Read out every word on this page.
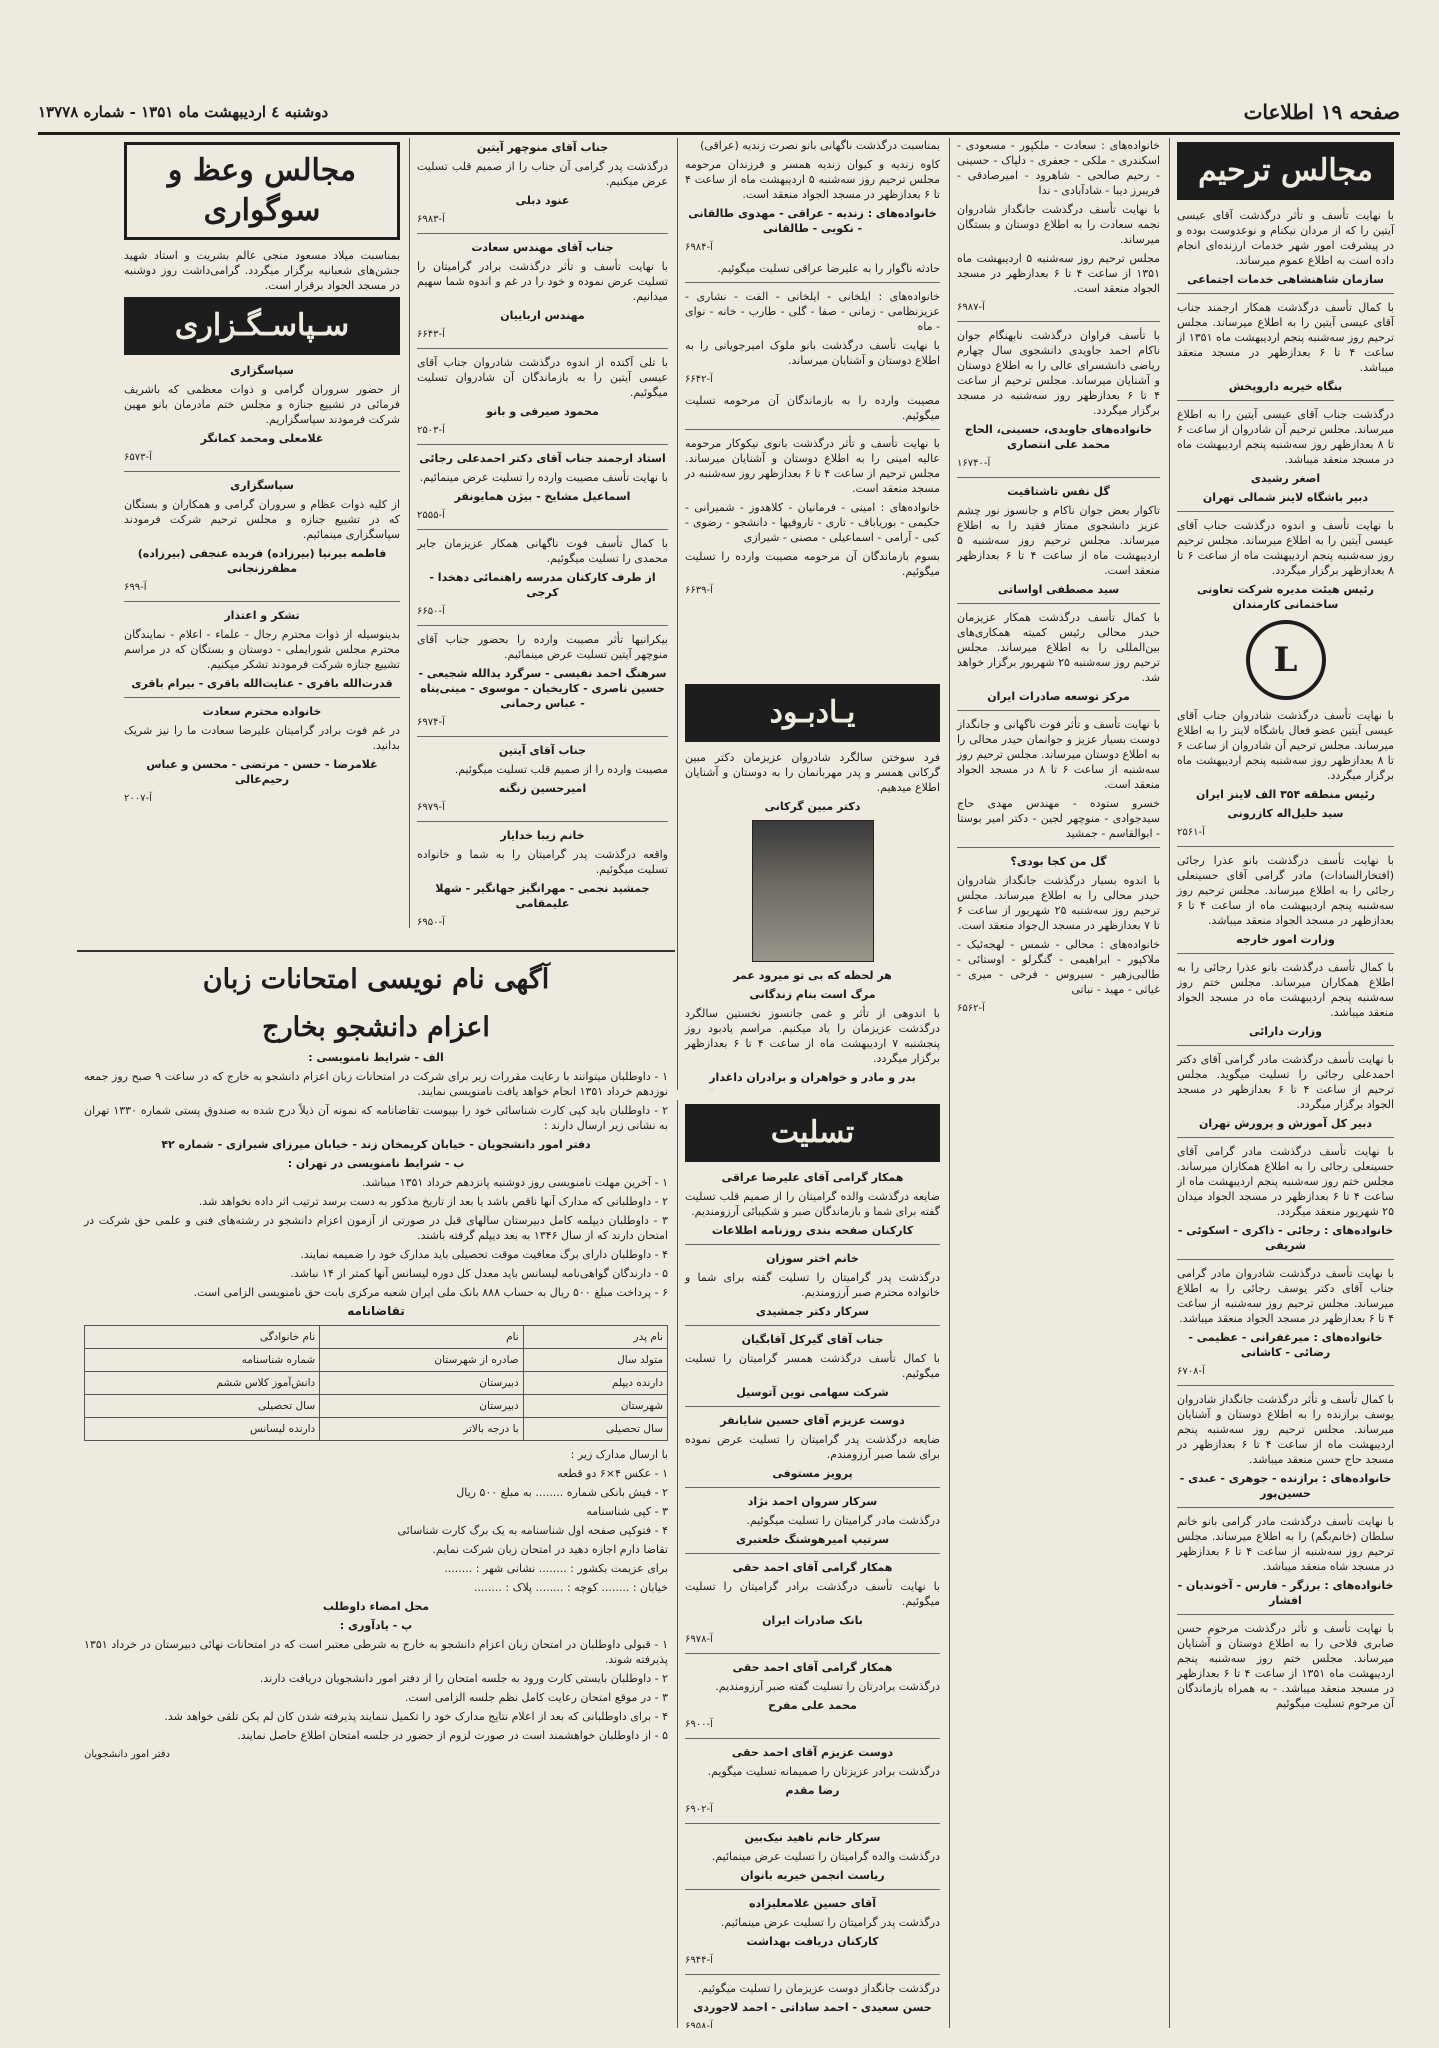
صفحه ۱۹ اطلاعات
دوشنبه ٤ اردیبهشت ماه ۱۳۵۱ - شماره ۱۳۷۷۸
مجالس ترحیم

با نهایت تأسف و تأثر درگذشت آقای عیسی آیتین را که از مردان نیکنام و نوعدوست بوده و در پیشرفت امور شهر خدمات ارزنده‌ای انجام داده است به اطلاع عموم میرساند.

سازمان شاهنشاهی خدمات اجتماعی

با کمال تأسف درگذشت همکار ارجمند جناب آقای عیسی آیتین را به اطلاع میرساند. مجلس ترحیم روز سه‌شنبه پنجم اردیبهشت ماه ۱۳۵۱ از ساعت ۴ تا ۶ بعدازظهر در مسجد منعقد میباشد.

بنگاه خیریه داروپخش

درگذشت جناب آقای عیسی آیتین را به اطلاع میرساند. مجلس ترحیم آن شادروان از ساعت ۶ تا ۸ بعدازظهر روز سه‌شنبه پنجم اردیبهشت ماه در مسجد منعقد میباشد.

اصغر رشیدی

دبیر باشگاه لاینز شمالی تهران

با نهایت تأسف و اندوه درگذشت جناب آقای عیسی آیتین را به اطلاع میرساند. مجلس ترحیم روز سه‌شنبه پنجم اردیبهشت ماه از ساعت ۶ تا ۸ بعدازظهر برگزار میگردد.

رئیس هیئت مدیره شرکت تعاونی ساختمانی کارمندان

L

با نهایت تأسف درگذشت شادروان جناب آقای عیسی آیتین عضو فعال باشگاه لاینز را به اطلاع میرساند. مجلس ترحیم آن شادروان از ساعت ۶ تا ۸ بعدازظهر روز سه‌شنبه پنجم اردیبهشت ماه برگزار میگردد.

رئیس منطقه ۳۵۴ الف لاینز ایران

سید خلیل‌اله کازرونی

آ-۲۵۶۱

با نهایت تأسف درگذشت بانو عذرا رجائی (افتخارالسادات) مادر گرامی آقای حسینعلی رجائی را به اطلاع میرساند. مجلس ترحیم روز سه‌شنبه پنجم اردیبهشت ماه از ساعت ۴ تا ۶ بعدازظهر در مسجد الجواد منعقد میباشد.

وزارت امور خارجه

با کمال تأسف درگذشت بانو عذرا رجائی را به اطلاع همکاران میرساند. مجلس ختم روز سه‌شنبه پنجم اردیبهشت ماه در مسجد الجواد منعقد میباشد.

وزارت دارائی

با نهایت تأسف درگذشت مادر گرامی آقای دکتر احمدعلی رجائی را تسلیت میگوید. مجلس ترحیم از ساعت ۴ تا ۶ بعدازظهر در مسجد الجواد برگزار میگردد.

دبیر کل آموزش و پرورش تهران

با نهایت تأسف درگذشت مادر گرامی آقای حسینعلی رجائی را به اطلاع همکاران میرساند. مجلس ختم روز سه‌شنبه پنجم اردیبهشت ماه از ساعت ۴ تا ۶ بعدازظهر در مسجد الجواد میدان ۲۵ شهریور منعقد میگردد.

خانواده‌های : رجائی - ذاکری - اسکوئی - شریفی

با نهایت تأسف درگذشت شادروان مادر گرامی جناب آقای دکتر یوسف رجائی را به اطلاع میرساند. مجلس ترحیم روز سه‌شنبه از ساعت ۴ تا ۶ بعدازظهر در مسجد الجواد منعقد میباشد.

خانواده‌های : میرغفرانی - عظیمی - رضائی - کاشانی

آ-۶۷۰۸

با کمال تأسف و تأثر درگذشت جانگداز شادروان یوسف برازنده را به اطلاع دوستان و آشنایان میرساند. مجلس ترحیم روز سه‌شنبه پنجم اردیبهشت ماه از ساعت ۴ تا ۶ بعدازظهر در مسجد حاج حسن منعقد میباشد.

خانواده‌های : برازنده - جوهری - عبدی - حسین‌پور

با نهایت تأسف درگذشت مادر گرامی بانو خانم سلطان (خانم‌بگم) را به اطلاع میرساند. مجلس ترحیم روز سه‌شنبه از ساعت ۴ تا ۶ بعدازظهر در مسجد شاه منعقد میباشد.

خانواده‌های : برزگر - فارس - آخوندیان - افشار

با نهایت تأسف و تأثر درگذشت مرحوم حسن صابری فلاحی را به اطلاع دوستان و آشنایان میرساند. مجلس ختم روز سه‌شنبه پنجم اردیبهشت ماه ۱۳۵۱ از ساعت ۴ تا ۶ بعدازظهر در مسجد منعقد میباشد. - به همراه بازماندگان آن مرحوم تسلیت میگوئیم

خانواده‌های : سعادت - ملکپور - مسعودی - اسکندری - ملکی - جعفری - دلپاک - حسینی - رحیم صالحی - شاهرود - امیرصادقی - فریبرز دیبا - شادآبادی - ندا

با نهایت تأسف درگذشت جانگداز شادروان نجمه سعادت را به اطلاع دوستان و بستگان میرساند.

مجلس ترحیم روز سه‌شنبه ۵ اردیبهشت ماه ۱۳۵۱ از ساعت ۴ تا ۶ بعدازظهر در مسجد الجواد منعقد است.

آ-۶۹۸۷

با تأسف فراوان درگذشت نابهنگام جوان ناکام احمد جاویدی دانشجوی سال چهارم ریاضی دانشسرای عالی را به اطلاع دوستان و آشنایان میرساند. مجلس ترحیم از ساعت ۴ تا ۶ بعدازظهر روز سه‌شنبه در مسجد برگزار میگردد.

خانواده‌های جاویدی، حسینی، الحاج محمد علی انتصاری

آ-۱۶۷۴۰

گل نفس تاشتاقیت

تاکوار بعض جوان ناکام و جانسوز نور چشم عزیز دانشجوی ممتاز فقید را به اطلاع میرساند. مجلس ترحیم روز سه‌شنبه ۵ اردیبهشت ماه از ساعت ۴ تا ۶ بعدازظهر منعقد است.

سید مصطفی اواساتی

با کمال تأسف درگذشت همکار عزیزمان حیدر محالی رئیس کمیته همکاری‌های بین‌المللی را به اطلاع میرساند. مجلس ترحیم روز سه‌شنبه ۲۵ شهریور برگزار خواهد شد.

مرکز توسعه صادرات ایران

با نهایت تأسف و تأثر فوت ناگهانی و جانگداز دوست بسیار عزیز و جوانمان حیدر محالی را به اطلاع دوستان میرساند. مجلس ترحیم روز سه‌شنبه از ساعت ۶ تا ۸ در مسجد الجواد منعقد است.

خسرو ستوده - مهندس مهدی حاج سیدجوادی - منوچهر لجین - دکتر امیر بوستا - ابوالقاسم - جمشید

گل من کجا بودی؟

با اندوه بسیار درگذشت جانگداز شادروان حیدر محالی را به اطلاع میرساند. مجلس ترحیم روز سه‌شنبه ۲۵ شهریور از ساعت ۶ تا ۷ بعدازظهر در مسجد ال‌جواد منعقد است.

خانواده‌های : محالی - شمس - لهجه‌ئیک - ملاکپور - ابراهیمی - گنگرلو - اوستائی - طالبی‌زهیر - سیروس - فرخی - میری - غیاثی - مهید - نباتی

آ-۶۵۶۲

بمناسبت درگذشت ناگهانی بانو نصرت زندیه (عراقی)

کاوه زندیه و کیوان زندیه همسر و فرزندان مرحومه مجلس ترحیم روز سه‌شنبه ۵ اردیبهشت ماه از ساعت ۴ تا ۶ بعدازظهر در مسجد الجواد منعقد است.

خانواده‌های : زندیه - عراقی - مهدوی طالقانی - نکویی - طالقانی

آ-۶۹۸۴

حادثه ناگوار را به علیرضا عراقی تسلیت میگوئیم.

خانواده‌های : ایلخانی - ایلخانی - الفت - نشاری - عزیزنظامی - زمانی - صفا - گلی - طارب - خانه - نوای - ماه

با نهایت تأسف درگذشت بانو ملوک امیرجویانی را به اطلاع دوستان و آشنایان میرساند.

آ-۶۶۴۲

مصیبت وارده را به بازماندگان آن مرحومه تسلیت میگوئیم.

با نهایت تأسف و تأثر درگذشت بانوی نیکوکار مرحومه عالیه امینی را به اطلاع دوستان و آشنایان میرساند. مجلس ترحیم از ساعت ۴ تا ۶ بعدازظهر روز سه‌شنبه در مسجد منعقد است.

خانواده‌های : امینی - فرمانیان - کلاهدوز - شمیرانی - حکیمی - بوریاباف - تاری - تاروفیها - دانشجو - رضوی - کبی - آرامی - اسماعیلی - مصنی - شیرازی

بسوم بازماندگان آن مرحومه مصیبت وارده را تسلیت میگوئیم.

آ-۶۶۳۹

یـادبـود

فرد سوختن سالگرد شادروان عزیزمان دکتر مبین گرکانی همسر و پدر مهربانمان را به دوستان و آشنایان اطلاع میدهیم.

دکتر مبین گرکانی

هر لحظه که بی تو میرود عمر

مرگ است بنام زندگانی

با اندوهی از تأثر و غمی جانسوز نخستین سالگرد درگذشت عزیزمان را یاد میکنیم. مراسم یادبود روز پنجشنبه ۷ اردیبهشت ماه از ساعت ۴ تا ۶ بعدازظهر برگزار میگردد.

بدر و مادر و خواهران و برادران داغدار

تسلیت

همکار گرامی آقای علیرضا عراقی

ضایعه درگذشت والده گرامیتان را از صمیم قلب تسلیت گفته برای شما و بازماندگان صبر و شکیبائی آرزومندیم.

کارکنان صفحه بندی روزنامه اطلاعات

خانم اختر سوزان

درگذشت پدر گرامیتان را تسلیت گفته برای شما و خانواده محترم صبر آرزومندیم.

سرکار دکتر جمشیدی

جناب آقای گیرکل آقابگیان

با کمال تأسف درگذشت همسر گرامیتان را تسلیت میگوئیم.

شرکت سهامی نوین آتوسیل

دوست عزیزم آقای حسین شایانفر

ضایعه درگذشت پدر گرامیتان را تسلیت عرض نموده برای شما صبر آرزومندم.

پرویز مستوفی

سرکار سروان احمد نژاد

درگذشت مادر گرامیتان را تسلیت میگوئیم.

سرتیپ امیرهوشنگ خلعتبری

همکار گرامی آقای احمد حقی

با نهایت تأسف درگذشت برادر گرامیتان را تسلیت میگوئیم.

بانک صادرات ایران

آ-۶۹۷۸

همکار گرامی آقای احمد حقی

درگذشت برادرتان را تسلیت گفته صبر آرزومندیم.

محمد علی مفرح

آ-۶۹۰۰

دوست عزیزم آقای احمد حقی

درگذشت برادر عزیزتان را صمیمانه تسلیت میگویم.

رضا مقدم

آ-۶۹۰۲

سرکار خانم ناهید نیک‌بین

درگذشت والده گرامیتان را تسلیت عرض مینمائیم.

ریاست انجمن خیریه بانوان

آقای حسین غلامعلیزاده

درگذشت پدر گرامیتان را تسلیت عرض مینمائیم.

کارکنان دریافت بهداشت

آ-۶۹۴۴

درگذشت جانگداز دوست عزیزمان را تسلیت میگوئیم.

حسن سعیدی - احمد ساداتی - احمد لاجوردی

آ-۶۹۵۸

جناب آقای منوچهر آیتین

درگذشت پدر گرامی آن جناب را از صمیم قلب تسلیت عرض میکنیم.

عنود دبلی

آ-۶۹۸۳

جناب آقای مهندس سعادت

با نهایت تأسف و تأثر درگذشت برادر گرامیتان را تسلیت عرض نموده و خود را در غم و اندوه شما سهیم میدانیم.

مهندس ارباییان

آ-۶۶۴۳

با تلی آکنده از اندوه درگذشت شادروان جناب آقای عیسی آیتین را به بازماندگان آن شادروان تسلیت میگوئیم.

محمود صیرفی و بانو

آ-۲۵۰۳

استاد ارجمند جناب آقای دکتر احمدعلی رجائی

با نهایت تأسف مصیبت وارده را تسلیت عرض مینمائیم.

اسماعیل مشایخ - بیژن همایونفر

آ-۲۵۵۵

با کمال تأسف فوت ناگهانی همکار عزیزمان جابر محمدی را تسلیت میگوئیم.

از طرف کارکنان مدرسه راهنمائی دهخدا - کرجی

آ-۶۶۵۰

بیکرانیها تأثر مصیبت وارده را بحضور جناب آقای منوچهر آیتین تسلیت عرض مینمائیم.

سرهنگ احمد نفیسی - سرگرد یدالله شجیعی - حسین ناصری - کاریخیان - موسوی - مینی‌پناه - عباس رحمانی

آ-۶۹۷۴

جناب آقای آیتین

مصیبت وارده را از صمیم قلب تسلیت میگوئیم.

امیرحسین زنگنه

آ-۶۹۷۹

خانم زیبا خدایار

واقعه درگذشت پدر گرامیتان را به شما و خانواده تسلیت میگوئیم.

جمشید نجمی - مهرانگیز جهانگیر - شهلا علیمقامی

آ-۶۹۵۰

مجالس وعظ و سوگواری

بمناسبت میلاد مسعود منجی عالم بشریت و استاد شهید جشن‌های شعبانیه برگزار میگردد. گرامی‌داشت روز دوشنبه در مسجد الجواد برقرار است.

سـپاسـگـزاری

سپاسگزاری

از حضور سروران گرامی و ذوات معظمی که باشریف فرمائی در تشییع جنازه و مجلس ختم مادرمان بانو مهین شرکت فرمودند سپاسگزاریم.

غلامعلی ومحمد کمانگر

آ-۶۵۷۳

سپاسگزاری

از کلیه ذوات عظام و سروران گرامی و همکاران و بستگان که در تشییع جنازه و مجلس ترحیم شرکت فرمودند سپاسگزاری مینمائیم.

فاطمه بیرنیا (بیرزاده) فریده عنجفی (بیرزاده) مظفرزنجانی

آ-۶۹۹

تشکر و اعتذار

بدینوسیله از ذوات محترم رجال - علماء - اعلام - نمایندگان محترم مجلس شورایملی - دوستان و بستگان که در مراسم تشییع جنازه شرکت فرمودند تشکر میکنیم.

قدرت‌الله باقری - عنایت‌الله باقری - بیرام باقری

خانواده محترم سعادت

در غم فوت برادر گرامیتان علیرضا سعادت ما را نیز شریک بدانید.

غلامرضا - حسن - مرتضی - محسن و عباس رحیم‌عالی

آ-۲۰۰۷

آگهی نام نویسی امتحانات زبان
اعزام دانشجو بخارج

الف - شرایط نامنویسی :

۱ - داوطلبان میتوانند با رعایت مقررات زیر برای شرکت در امتحانات زبان اعزام دانشجو به خارج که در ساعت ۹ صبح روز جمعه نوزدهم خرداد ۱۳۵۱ انجام خواهد یافت نامنویسی نمایند.

۲ - داوطلبان باید کپی کارت شناسائی خود را بپیوست تقاضانامه که نمونه آن ذیلاً درج شده به صندوق پستی شماره ۱۳۳۰ تهران به نشانی زیر ارسال دارند :

دفتر امور دانشجویان - خیابان کریمخان زند - خیابان میرزای شیرازی - شماره ۴۲

ب - شرایط نامنویسی در تهران :

۱ - آخرین مهلت نامنویسی روز دوشنبه پانزدهم خرداد ۱۳۵۱ میباشد.

۲ - داوطلبانی که مدارک آنها ناقص باشد یا بعد از تاریخ مذکور به دست برسد ترتیب اثر داده نخواهد شد.

۳ - داوطلبان دیپلمه کامل دبیرستان سالهای قبل در صورتی از آزمون اعزام دانشجو در رشته‌های فنی و علمی حق شرکت در امتحان دارند که از سال ۱۳۴۶ به بعد دیپلم گرفته باشند.

۴ - داوطلبان دارای برگ معافیت موقت تحصیلی باید مدارک خود را ضمیمه نمایند.

۵ - دارندگان گواهی‌نامه لیسانس باید معدل کل دوره لیسانس آنها کمتر از ۱۴ نباشد.

۶ - پرداخت مبلغ ۵۰۰ ریال به حساب ۸۸۸ بانک ملی ایران شعبه مرکزی بابت حق نامنویسی الزامی است.

تقاضانامه

نام پدر	نام	نام خانوادگی
متولد سال	صادره از شهرستان	شماره شناسنامه
دارنده دیپلم	دبیرستان	دانش‌آموز کلاس ششم
شهرستان	دبیرستان	سال تحصیلی
سال تحصیلی	با درجه بالاتر	دارنده لیسانس

با ارسال مدارک زیر :

۱ - عکس ۴×۶ دو قطعه

۲ - فیش بانکی شماره ........ به مبلغ ۵۰۰ ریال

۳ - کپی شناسنامه

۴ - فتوکپی صفحه اول شناسنامه به یک برگ کارت شناسائی

تقاضا دارم اجازه دهید در امتحان زبان شرکت نمایم.

برای عزیمت بکشور : ........ نشانی شهر : ........

خیابان : ........ کوچه : ........ پلاک : ........

محل امضاء داوطلب

پ - یادآوری :

۱ - قبولی داوطلبان در امتحان زبان اعزام دانشجو به خارج به شرطی معتبر است که در امتحانات نهائی دبیرستان در خرداد ۱۳۵۱ پذیرفته شوند.

۲ - داوطلبان بایستی کارت ورود به جلسه امتحان را از دفتر امور دانشجویان دریافت دارند.

۳ - در موقع امتحان رعایت کامل نظم جلسه الزامی است.

۴ - برای داوطلبانی که بعد از اعلام نتایج مدارک خود را تکمیل ننمایند پذیرفته شدن کان لم یکن تلقی خواهد شد.

۵ - از داوطلبان خواهشمند است در صورت لزوم از حضور در جلسه امتحان اطلاع حاصل نمایند.

دفتر امور دانشجویان
